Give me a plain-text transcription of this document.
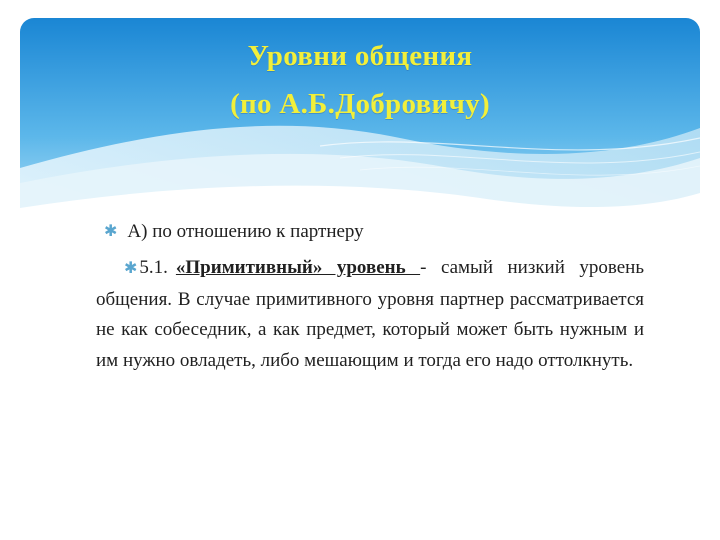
Уровни общения
(по А.Б.Добровичу)
✱ А) по отношению к партнеру
✱ 5.1. «Примитивный» уровень - самый низкий уровень общения. В случае примитивного уровня партнер рассматривается не как собеседник, а как предмет, который может быть нужным и им нужно овладеть, либо мешающим и тогда его надо оттолкнуть.
